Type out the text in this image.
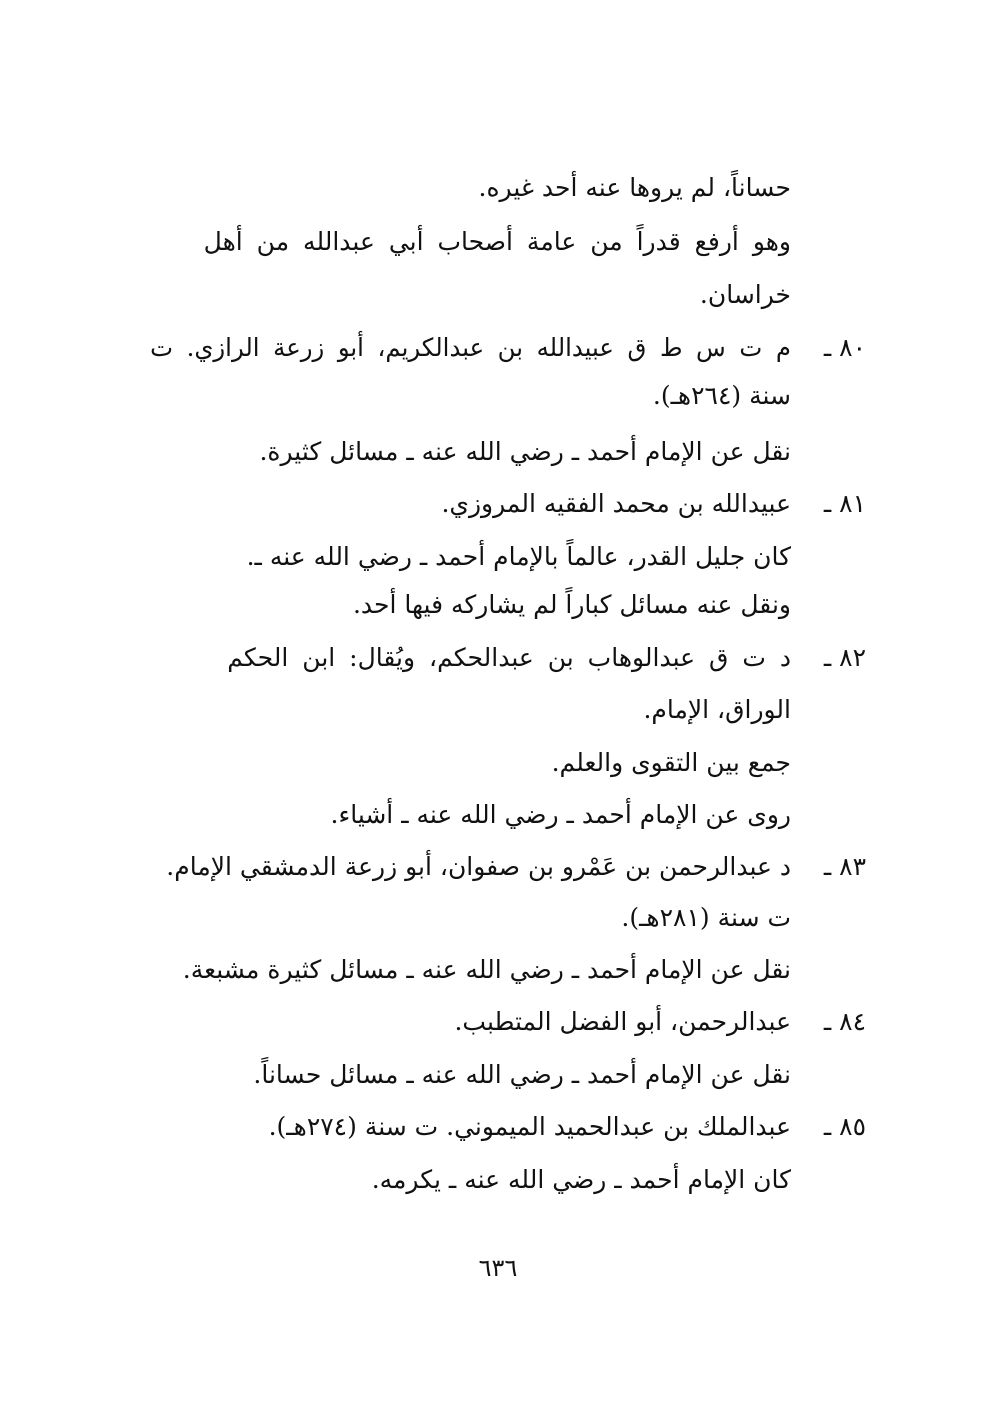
حساناً، لم يروها عنه أحد غيره.
وهو أرفع قدراً من عامة أصحاب أبي عبدالله من أهل
خراسان.
٨٠ ـ
م ت س ط ق عبيدالله بن عبدالكريم، أبو زرعة الرازي. ت
سنة (٢٦٤هـ).
نقل عن الإمام أحمد ـ رضي الله عنه ـ مسائل كثيرة.
٨١ ـ
عبيدالله بن محمد الفقيه المروزي.
كان جليل القدر، عالماً بالإمام أحمد ـ رضي الله عنه ـ.
ونقل عنه مسائل كباراً لم يشاركه فيها أحد.
٨٢ ـ
د ت ق عبدالوهاب بن عبدالحكم، ويُقال: ابن الحكم
الوراق، الإمام.
جمع بين التقوى والعلم.
روى عن الإمام أحمد ـ رضي الله عنه ـ أشياء.
٨٣ ـ
د عبدالرحمن بن عَمْرو بن صفوان، أبو زرعة الدمشقي الإمام.
ت سنة (٢٨١هـ).
نقل عن الإمام أحمد ـ رضي الله عنه ـ مسائل كثيرة مشبعة.
٨٤ ـ
عبدالرحمن، أبو الفضل المتطبب.
نقل عن الإمام أحمد ـ رضي الله عنه ـ مسائل حساناً.
٨٥ ـ
عبدالملك بن عبدالحميد الميموني. ت سنة (٢٧٤هـ).
كان الإمام أحمد ـ رضي الله عنه ـ يكرمه.
٦٣٦
